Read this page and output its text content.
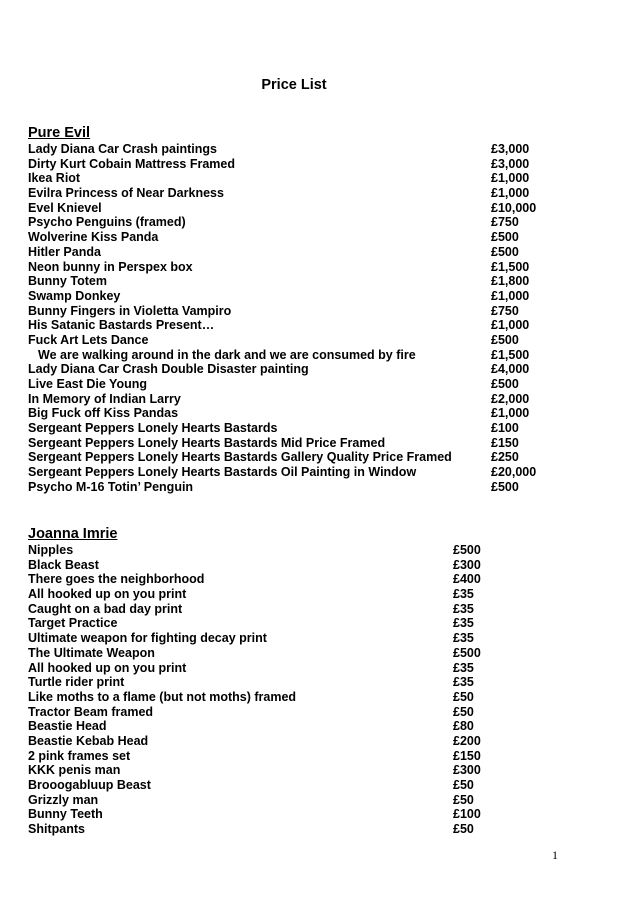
Price List
Pure Evil
Lady Diana Car Crash paintings	£3,000
Dirty Kurt Cobain Mattress Framed	£3,000
Ikea Riot	£1,000
Evilra Princess of Near Darkness	£1,000
Evel Knievel	£10,000
Psycho Penguins (framed)	£750
Wolverine Kiss Panda	£500
Hitler Panda	£500
Neon bunny in Perspex box	£1,500
Bunny Totem	£1,800
Swamp Donkey	£1,000
Bunny Fingers in Violetta Vampiro	£750
His Satanic Bastards Present…	£1,000
Fuck Art Lets Dance	£500
We are walking around in the dark and we are consumed by fire	£1,500
Lady Diana Car Crash Double Disaster painting	£4,000
Live East Die Young	£500
In Memory of Indian Larry	£2,000
Big Fuck off Kiss Pandas	£1,000
Sergeant Peppers Lonely Hearts Bastards	£100
Sergeant Peppers Lonely Hearts Bastards Mid Price Framed	£150
Sergeant Peppers Lonely Hearts Bastards Gallery Quality Price Framed	£250
Sergeant Peppers Lonely Hearts Bastards Oil Painting in Window	£20,000
Psycho M-16 Totin’ Penguin	£500
Joanna Imrie
Nipples	£500
Black Beast	£300
There goes the neighborhood	£400
All hooked up on you print	£35
Caught on a bad day print	£35
Target Practice	£35
Ultimate weapon for fighting decay print	£35
The Ultimate Weapon	£500
All hooked up on you print	£35
Turtle rider print	£35
Like moths to a flame (but not moths) framed	£50
Tractor Beam framed	£50
Beastie Head	£80
Beastie Kebab Head	£200
2 pink frames set	£150
KKK penis man	£300
Brooogabluup Beast	£50
Grizzly man	£50
Bunny Teeth	£100
Shitpants	£50
1
